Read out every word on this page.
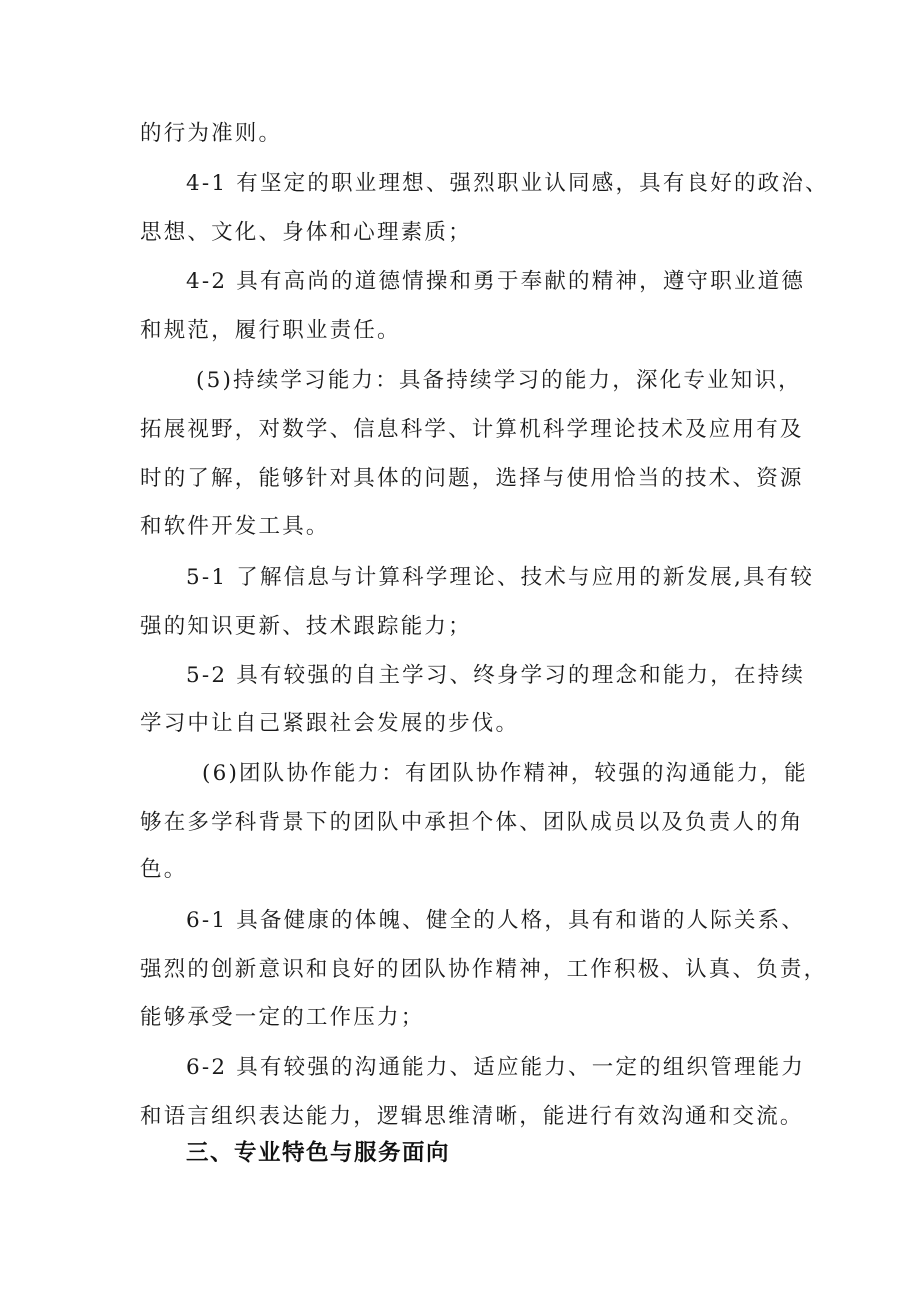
的行为准则。
4-1 有坚定的职业理想、强烈职业认同感，具有良好的政治、
思想、文化、身体和心理素质；
4-2 具有高尚的道德情操和勇于奉献的精神，遵守职业道德
和规范，履行职业责任。
(5)持续学习能力：具备持续学习的能力，深化专业知识，
拓展视野，对数学、信息科学、计算机科学理论技术及应用有及
时的了解，能够针对具体的问题，选择与使用恰当的技术、资源
和软件开发工具。
5-1 了解信息与计算科学理论、技术与应用的新发展,具有较
强的知识更新、技术跟踪能力；
5-2 具有较强的自主学习、终身学习的理念和能力，在持续
学习中让自己紧跟社会发展的步伐。
(6)团队协作能力：有团队协作精神，较强的沟通能力，能
够在多学科背景下的团队中承担个体、团队成员以及负责人的角
色。
6-1 具备健康的体魄、健全的人格，具有和谐的人际关系、
强烈的创新意识和良好的团队协作精神，工作积极、认真、负责，
能够承受一定的工作压力；
6-2 具有较强的沟通能力、适应能力、一定的组织管理能力
和语言组织表达能力，逻辑思维清晰，能进行有效沟通和交流。
三、专业特色与服务面向
